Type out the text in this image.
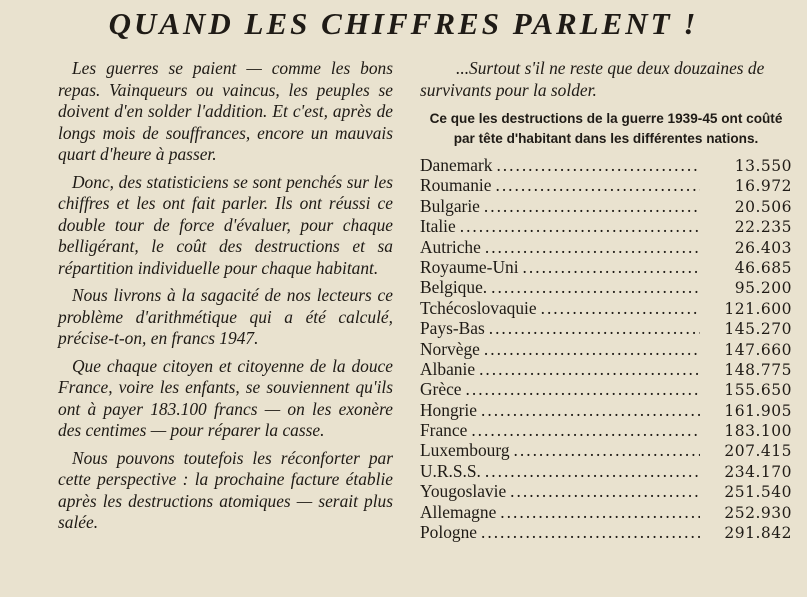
QUAND LES CHIFFRES PARLENT !

Les guerres se paient — comme les bons repas. Vainqueurs ou vaincus, les peuples se doivent d'en solder l'addition. Et c'est, après de longs mois de souffrances, encore un mauvais quart d'heure à passer.

Donc, des statisticiens se sont penchés sur les chiffres et les ont fait parler. Ils ont réussi ce double tour de force d'évaluer, pour chaque belligérant, le coût des destructions et sa répartition individuelle pour chaque habitant.

Nous livrons à la sagacité de nos lecteurs ce problème d'arithmétique qui a été calculé, précise-t-on, en francs 1947.

Que chaque citoyen et citoyenne de la douce France, voire les enfants, se souviennent qu'ils ont à payer 183.100 francs — on les exonère des centimes — pour réparer la casse.

Nous pouvons toutefois les réconforter par cette perspective : la prochaine facture établie après les destructions atomiques — serait plus salée.

...Surtout s'il ne reste que deux douzaines de survivants pour la solder.

Ce que les destructions de la guerre 1939-45 ont coûté par tête d'habitant dans les différentes nations.
Danemark .....	13.550
Roumanie .....	16.972
Bulgarie .....	20.506
Italie .....	22.235
Autriche .....	26.403
Royaume-Uni .....	46.685
Belgique. .....	95.200
Tchécoslovaquie .....	121.600
Pays-Bas .....	145.270
Norvège .....	147.660
Albanie .....	148.775
Grèce .....	155.650
Hongrie .....	161.905
France .....	183.100
Luxembourg .....	207.415
U.R.S.S. .....	234.170
Yougoslavie .....	251.540
Allemagne .....	252.930
Pologne .....	291.842
